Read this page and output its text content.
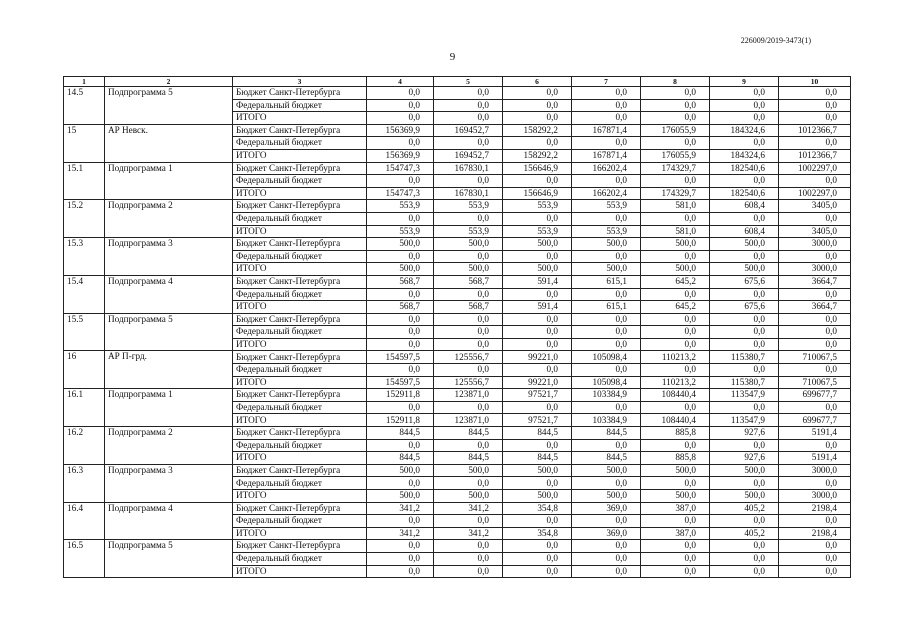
226009/2019-3473(1)
9
1	2	3	4	5	6	7	8	9	10
14.5	Подпрограмма 5	Бюджет Санкт-Петербурга	0,0	0,0	0,0	0,0	0,0	0,0	0,0
		Федеральный бюджет	0,0	0,0	0,0	0,0	0,0	0,0	0,0
		ИТОГО	0,0	0,0	0,0	0,0	0,0	0,0	0,0
15	АР Невск.	Бюджет Санкт-Петербурга	156369,9	169452,7	158292,2	167871,4	176055,9	184324,6	1012366,7
		Федеральный бюджет	0,0	0,0	0,0	0,0	0,0	0,0	0,0
		ИТОГО	156369,9	169452,7	158292,2	167871,4	176055,9	184324,6	1012366,7
15.1	Подпрограмма 1	Бюджет Санкт-Петербурга	154747,3	167830,1	156646,9	166202,4	174329,7	182540,6	1002297,0
		Федеральный бюджет	0,0	0,0	0,0	0,0	0,0	0,0	0,0
		ИТОГО	154747,3	167830,1	156646,9	166202,4	174329,7	182540,6	1002297,0
15.2	Подпрограмма 2	Бюджет Санкт-Петербурга	553,9	553,9	553,9	553,9	581,0	608,4	3405,0
		Федеральный бюджет	0,0	0,0	0,0	0,0	0,0	0,0	0,0
		ИТОГО	553,9	553,9	553,9	553,9	581,0	608,4	3405,0
15.3	Подпрограмма 3	Бюджет Санкт-Петербурга	500,0	500,0	500,0	500,0	500,0	500,0	3000,0
		Федеральный бюджет	0,0	0,0	0,0	0,0	0,0	0,0	0,0
		ИТОГО	500,0	500,0	500,0	500,0	500,0	500,0	3000,0
15.4	Подпрограмма 4	Бюджет Санкт-Петербурга	568,7	568,7	591,4	615,1	645,2	675,6	3664,7
		Федеральный бюджет	0,0	0,0	0,0	0,0	0,0	0,0	0,0
		ИТОГО	568,7	568,7	591,4	615,1	645,2	675,6	3664,7
15.5	Подпрограмма 5	Бюджет Санкт-Петербурга	0,0	0,0	0,0	0,0	0,0	0,0	0,0
		Федеральный бюджет	0,0	0,0	0,0	0,0	0,0	0,0	0,0
		ИТОГО	0,0	0,0	0,0	0,0	0,0	0,0	0,0
16	АР П-грд.	Бюджет Санкт-Петербурга	154597,5	125556,7	99221,0	105098,4	110213,2	115380,7	710067,5
		Федеральный бюджет	0,0	0,0	0,0	0,0	0,0	0,0	0,0
		ИТОГО	154597,5	125556,7	99221,0	105098,4	110213,2	115380,7	710067,5
16.1	Подпрограмма 1	Бюджет Санкт-Петербурга	152911,8	123871,0	97521,7	103384,9	108440,4	113547,9	699677,7
		Федеральный бюджет	0,0	0,0	0,0	0,0	0,0	0,0	0,0
		ИТОГО	152911,8	123871,0	97521,7	103384,9	108440,4	113547,9	699677,7
16.2	Подпрограмма 2	Бюджет Санкт-Петербурга	844,5	844,5	844,5	844,5	885,8	927,6	5191,4
		Федеральный бюджет	0,0	0,0	0,0	0,0	0,0	0,0	0,0
		ИТОГО	844,5	844,5	844,5	844,5	885,8	927,6	5191,4
16.3	Подпрограмма 3	Бюджет Санкт-Петербурга	500,0	500,0	500,0	500,0	500,0	500,0	3000,0
		Федеральный бюджет	0,0	0,0	0,0	0,0	0,0	0,0	0,0
		ИТОГО	500,0	500,0	500,0	500,0	500,0	500,0	3000,0
16.4	Подпрограмма 4	Бюджет Санкт-Петербурга	341,2	341,2	354,8	369,0	387,0	405,2	2198,4
		Федеральный бюджет	0,0	0,0	0,0	0,0	0,0	0,0	0,0
		ИТОГО	341,2	341,2	354,8	369,0	387,0	405,2	2198,4
16.5	Подпрограмма 5	Бюджет Санкт-Петербурга	0,0	0,0	0,0	0,0	0,0	0,0	0,0
		Федеральный бюджет	0,0	0,0	0,0	0,0	0,0	0,0	0,0
		ИТОГО	0,0	0,0	0,0	0,0	0,0	0,0	0,0
